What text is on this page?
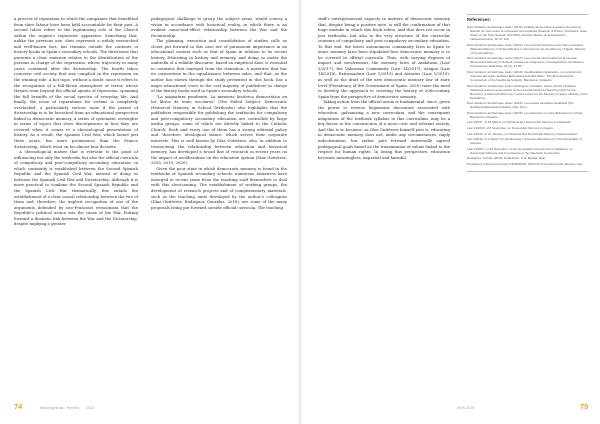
a process of reparation in which the companies that benefitted from slave labour have been held accountable for their past. A second taboo refers to the legitimising role of the Church within the regime's repressive apparatus. Something that, unlike the previous one, does represent a widely researched and well-known fact, but remains outside the contents of history books in Spain's secondary schools. The third issue that presents a clear omission relates to the identification of the persons in charge of the repression, whose trajectory in many cases continued after the dictatorship. The fourth taboo concerns civil society that was complicit in the repression on the winning side. A hot topic, without a doubt, since it refers to the recognition of a full-blown atmosphere of terror, whose threats went beyond the official agents of repression, spanning the full breadth of the social spectra of everyday life. And finally, the issue of reparations for victims is completely overlooked, a particularly serious issue if the period of dictatorship is to be broached from an educational perspective linked to democratic memory. A series of systematic oversights in terms of topics that show discrepancies in how they are covered when it comes to a chronological presentation of history. As a result, the Spanish Civil War, which lasted just three years, has more prominence than the Franco dictatorship, which went on for almost four decades.

A chronological matter that is relevant to the point of influencing not only the textbooks but also the official curricula of compulsory and post-compulsory secondary education, in which continuity is established between the Second Spanish Republic and the Spanish Civil War, instead of doing so between the Spanish Civil War and Dictatorship. Although it is more practical to combine the Second Spanish Republic and the Spanish Civil War thematically, this entails the establishment of a clear causal relationship between the two of them and, therefore, the implicit recognition of one of the arguments defended by neo-Francoist revisionism that the Republic's political action was the cause of the War. Putting forward a thematic link between the War and the Dictatorship, despite implying a greater

pedagogical challenge to group the subject areas, would convey a vision in accordance with historical reality, in which there is an evident cause-and-effect relationship between the War and the Dictatorship.

The planning, execution and consolidation of studies calls us closer put forward in this case are of paramount importance in an educational context such as that of Spain in relation to its recent history. Educating in history and memory, and doing so under the umbrella of a reliable discourse, based on empirical data, is essential in countries that emerged from the transition. A narrative that has its cornerstone in the equidistance between sides, and that, as the author has shown through the study presented in this book, has a major educational voice in the vast majority of publishers in charge of the history books used in Spain's secondary schools.

"La asignatura pendiente. La memoria histórica democrática en los libros de texto escolares" (The Failed Subject. Democratic Historical Memory in School Textbooks) also highlights that the publishers responsible for publishing the textbooks for compulsory and post-compulsory secondary education are controlled by large media groups, some of which are directly linked to the Catholic Church. Each and every one of them has a strong editorial policy and, therefore, ideological stance, which serves their corporate interests. This is well known by Díaz Gutiérrez, who, in addition to researching the relationship between education and historical memory, has developed a broad line of research in recent years on the impact of neoliberalism on the education system (Díaz Gutiérrez, 2016, 2019, 2020).

Given the poor state in which democratic memory is found in the textbooks of Spanish secondary schools, numerous initiatives have emerged in recent years from the teaching staff themselves to deal with this shortcoming. The establishment of working groups, the development of research projects and of complementary materials, such as the teaching units developed by the author's colleagues (Díaz Gutiérrez, Rodríguez González, 2018), are some of the many proposals being put forward outside official curricula. The teaching

74	Historiografías / Revista 2023

staff's entrepreneurial capacity in matters of democratic memory that, despite being a positive note, is still the confirmation of that huge mistake in which this book refers, and that does not occur in just textbooks, but also in the very structure of the curricular contents of compulsory and post-compulsory secondary education. To this end, the latest autonomous community laws in Spain to enact memory laws have stipulated how democratic memory is to be covered in official curricula. Thus, with varying degrees of impact and involvement, the memory laws of Andalusia (Law 2/2017), the Valencian Community (Law 14/2017), Aragon (Law 14/2018), Extremadura (Law 1/2019) and Asturias (Law 1/2019), as well as the draft of the new democratic memory law of state level (Presidency of the Government of Spain, 2020) raise the need to develop the approach to covering the history of 20th-century Spain from the perspective of democratic memory.

Taking action from the official arena is fundamental, since, given the power to reverse hegemonic discourses associated with education, galvanising a new curriculum, and the consequent adaptation of the textbook syllabus to this curriculum, may be a key factor in the construction of a more civic and tolerant society. And this is so because, as Díaz Gutiérrez himself puts it, educating in democratic memory does not, under any circumstances, imply indoctrination, but rather puts forward universally agreed pedagogical goals based on the transmission of values linked to the respect for human rights. In losing this perspective, education becomes meaningless, impartial and harmful.

References:
Díaz Gutiérrez and Enrique Javier (2016). Análisis de los libros escolares de historia. Estudio de caso sobre la propuesta civil española [Analysis of History Textbooks. Case Study on the Post-Spanish Civil War]. Revista Historia de la Educación Latinoamericana, 18, 97-118.
Díaz Gutiérrez and Enrique Javier (2013). La memoria histórica en las libros escolares [Historical Memory in School Books]. Lucha Forums for the Memory of Spain. Ministry of the Presidency.
Díaz Gutiérrez and Enrique Javier (2017). La memoria democrática en la escuela [Democratic Memory in School]. Anuario de Integración. Investigaciones científicas e innovaciones didácticas. 23 (2): 41-50.
Díaz Gutiérrez and Enrique Javier (2019). Neoliberalismo Educativo. La construcción colectiva del sujeto facilitará [Educational Neoliberalism. The Entrepreneurial Construction of the Neoliberal Subject]. Barcelona: Octaedro.
Díaz Gutiérrez and Enrique Javier, Rodríguez González, Javier (2019). Unidades didácticas para la recuperación de la memoria histórica [Teaching Units for the Recovery of Historical Memory]. Lucha Forums for the Memory of Spain. Ministry of the Presidency.
Díaz Gutiérrez and Enrique Javier (2020). La escuela educativa neoliberal [The Neoliberal Educational Model]. Vigo: Tirso.
Díaz Gutiérrez and Enrique Javier (2020). La educación en crisis [Education in Crisis]. Barcelona: Octaedro.
Law 2/2017, of 28 March, on Historical and Democratic Memory in Andalusia.
Law 14/2018, of 8 November, on Democratic Memory in Aragon.
Law 1/2019, of 21 January, on Historical and Democratic Memory in Extremadura.
Law 1/2019, of 1 March, for the Recovery of Democratic Memory in the Principality of Asturias.
Law 14/2017, of 10 November, of the Generalitat Government of Catalonia, on Democratic Memory and Coexistence in the Valencian Community.
Rodríguez, Antonio (2019). Evaluación: C.N. Madrid, Akal.
Presidency of the Government (15/09/2020). Draft bill of the Democratic Memory Law.
ISSN 2018	75
